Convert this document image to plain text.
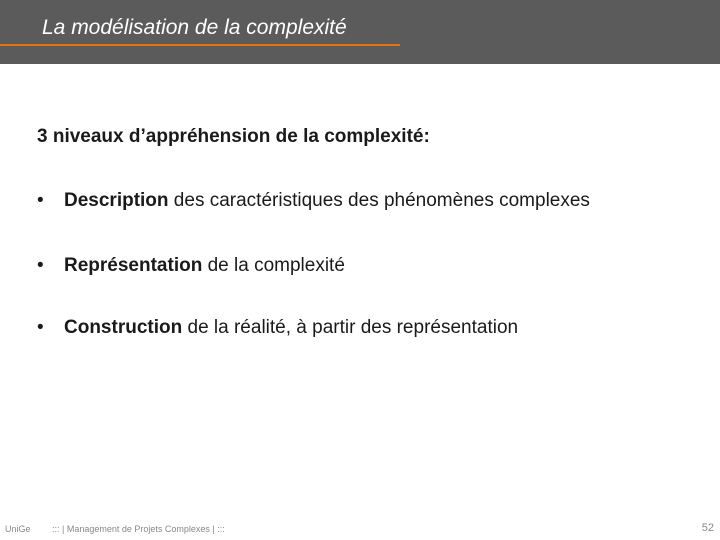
La modélisation de la complexité
3 niveaux d’appréhension de la complexité:
• Description des caractéristiques des phénomènes complexes
• Représentation de la complexité
• Construction de la réalité, à partir des représentation
UniGe ::: | Management de Projets Complexes | :::	52
